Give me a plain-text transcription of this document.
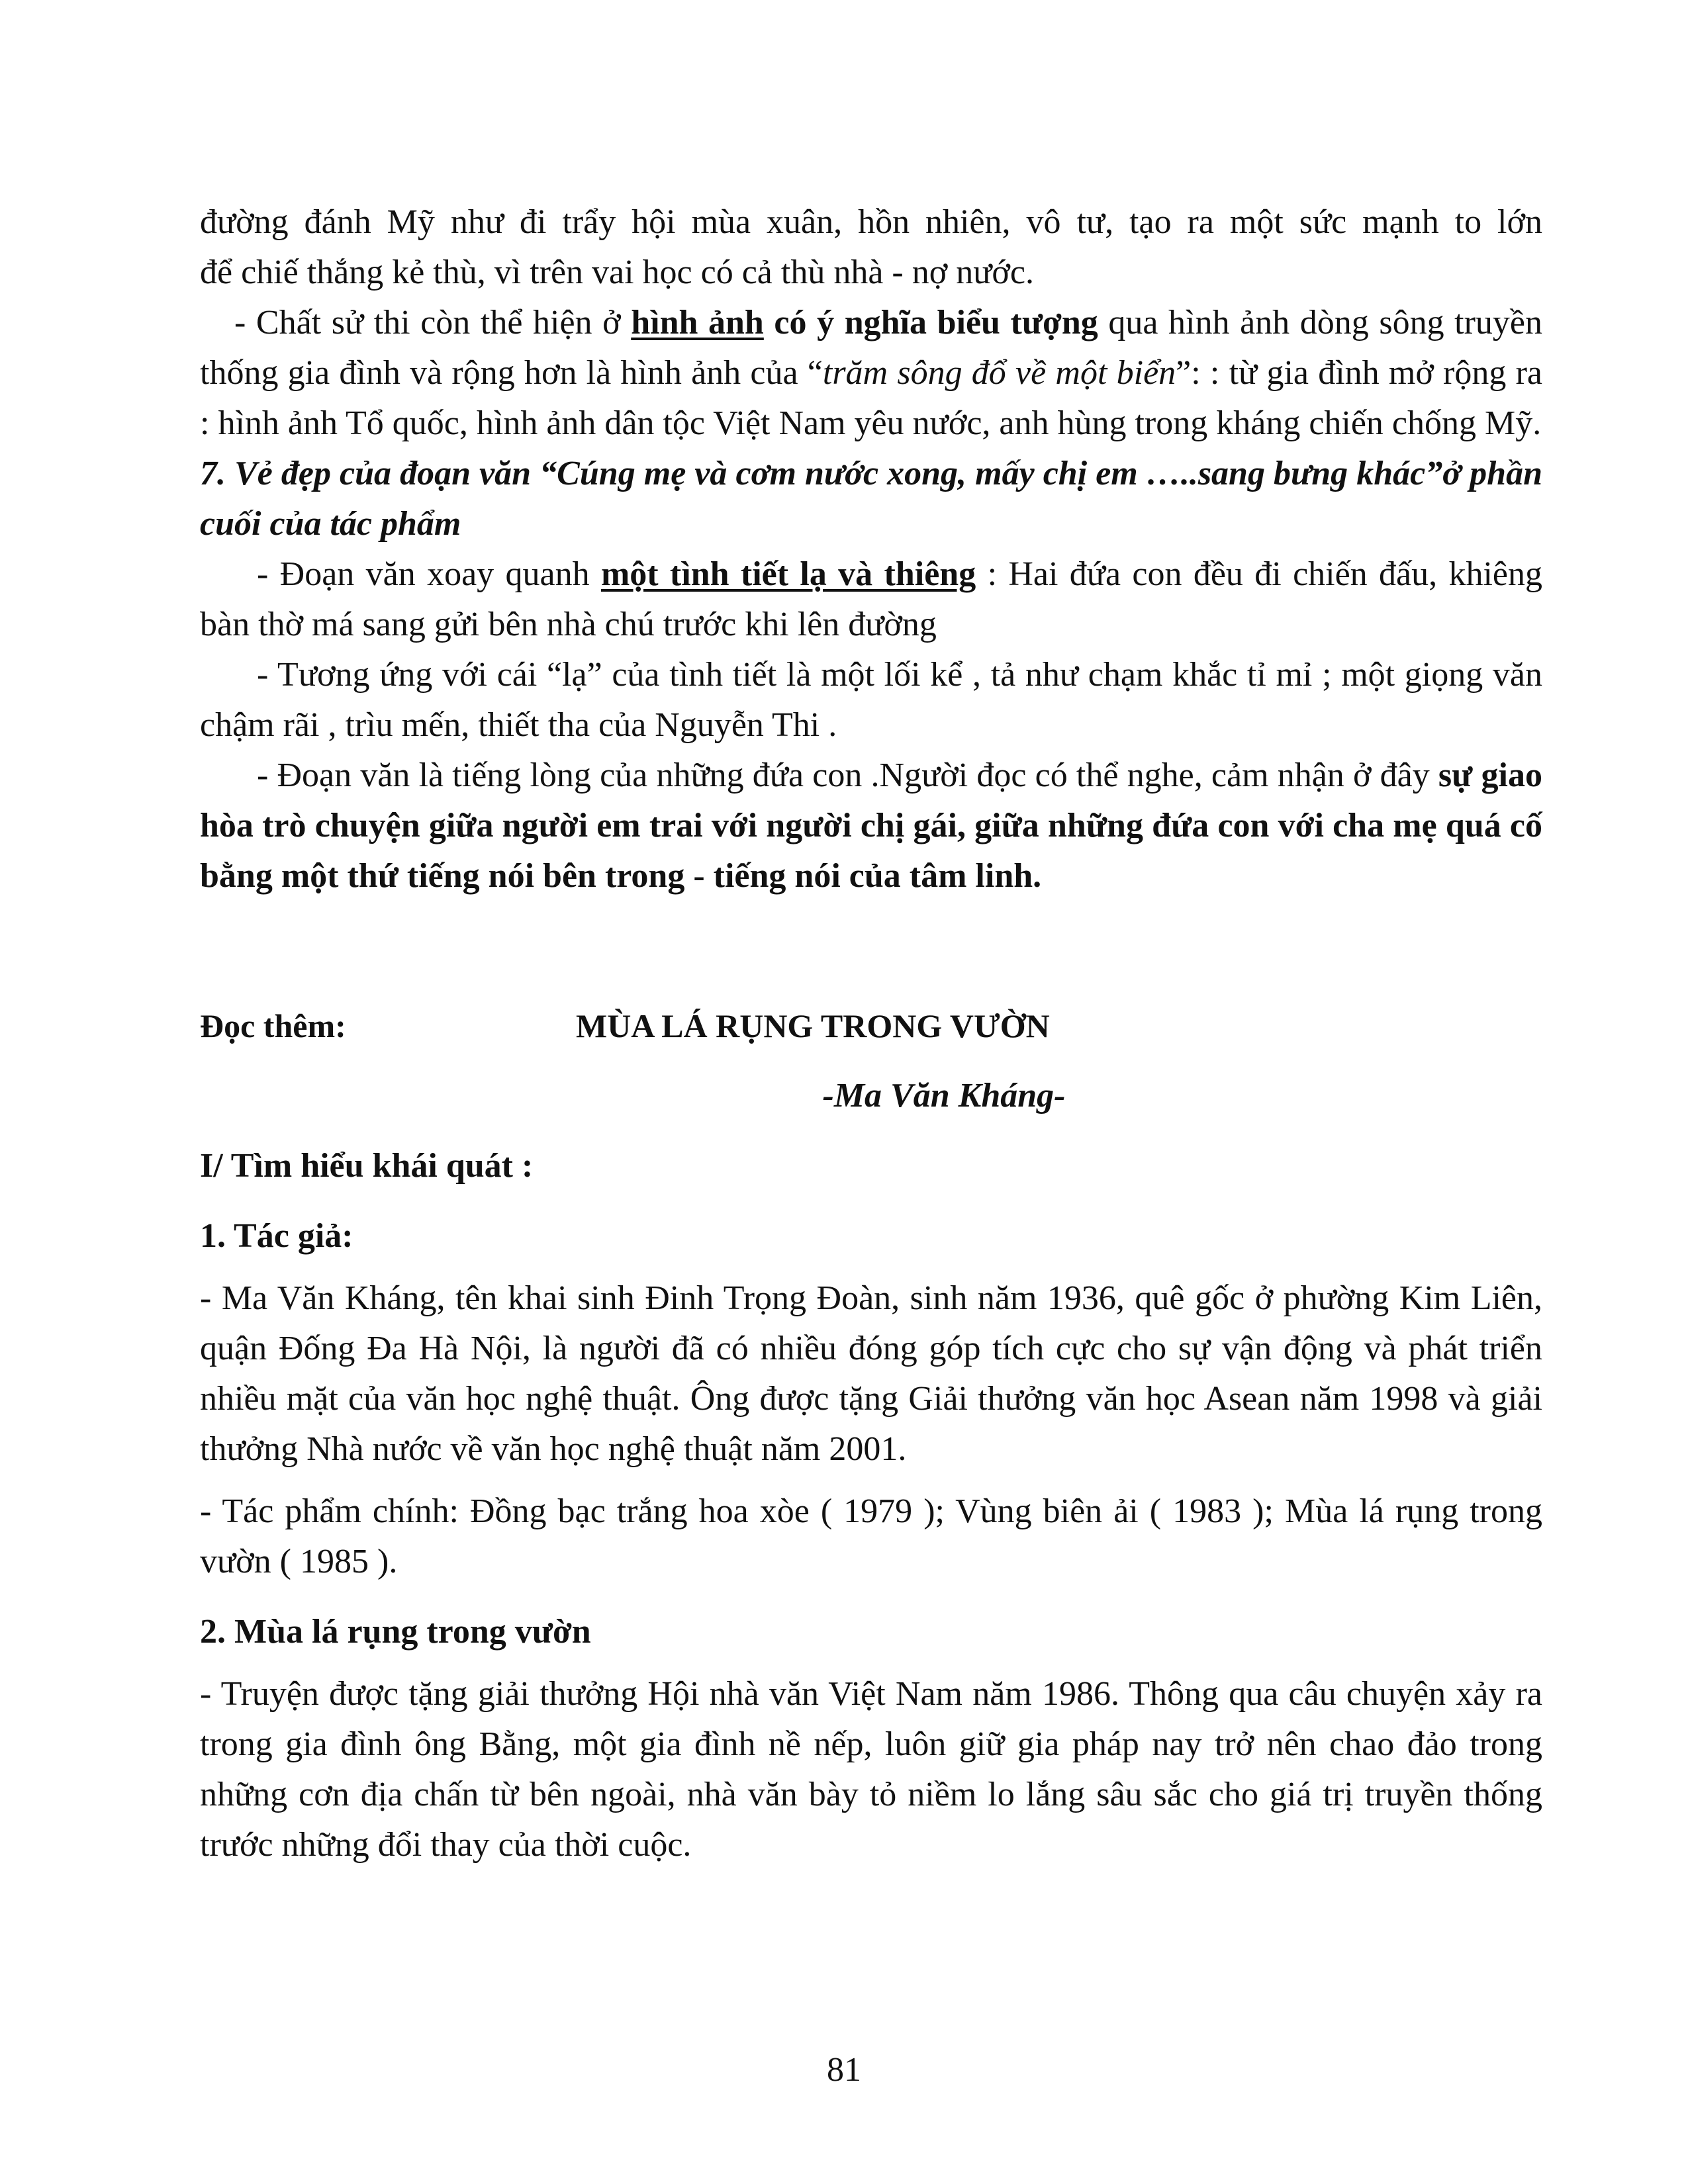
đường đánh Mỹ như đi trẩy hội mùa xuân, hồn nhiên, vô tư, tạo ra một sức mạnh to lớn

để chiế thắng kẻ thù, vì trên vai học có cả thù nhà - nợ nước.

- Chất sử thi còn thể hiện ở hình ảnh có ý nghĩa biểu tượng qua hình ảnh dòng sông truyền thống gia đình và rộng hơn là hình ảnh của “trăm sông đổ về một biển”: : từ gia đình mở rộng ra : hình ảnh Tổ quốc, hình ảnh dân tộc Việt Nam yêu nước, anh hùng trong kháng chiến chống Mỹ.

7. Vẻ đẹp của đoạn văn “Cúng mẹ và cơm nước xong, mấy chị em …..sang bưng khác”ở phần cuối của tác phẩm

- Đoạn văn xoay quanh một tình tiết lạ và thiêng : Hai đứa con đều đi chiến đấu, khiêng bàn thờ má sang gửi bên nhà chú trước khi lên đường

- Tương ứng với cái “lạ” của tình tiết là một lối kể , tả như chạm khắc tỉ mỉ ; một giọng văn chậm rãi , trìu mến, thiết tha của Nguyễn Thi .

- Đoạn văn là tiếng lòng của những đứa con .Người đọc có thể nghe, cảm nhận ở đây sự giao hòa trò chuyện giữa người em trai với người chị gái, giữa những đứa con với cha mẹ quá cố bằng một thứ tiếng nói bên trong - tiếng nói của tâm linh.

Đọc thêm:	MÙA LÁ RỤNG TRONG VƯỜN

-Ma Văn Kháng-

I/ Tìm hiểu khái quát :

1. Tác giả:

- Ma Văn Kháng, tên khai sinh Đinh Trọng Đoàn, sinh năm 1936, quê gốc ở phường Kim Liên, quận Đống Đa Hà Nội, là người đã có nhiều đóng góp tích cực cho sự vận động và phát triển nhiều mặt của văn học nghệ thuật. Ông được tặng Giải thưởng văn học Asean năm 1998 và giải thưởng Nhà nước về văn học nghệ thuật năm 2001.

- Tác phẩm chính: Đồng bạc trắng hoa xòe ( 1979 ); Vùng biên ải ( 1983 ); Mùa lá rụng trong vườn ( 1985 ).

2. Mùa lá rụng trong vườn

- Truyện được tặng giải thưởng Hội nhà văn Việt Nam năm 1986. Thông qua câu chuyện xảy ra trong gia đình ông Bằng, một gia đình nề nếp, luôn giữ gia pháp nay trở nên chao đảo trong những cơn địa chấn từ bên ngoài, nhà văn bày tỏ niềm lo lắng sâu sắc cho giá trị truyền thống trước những đổi thay của thời cuộc.

81
